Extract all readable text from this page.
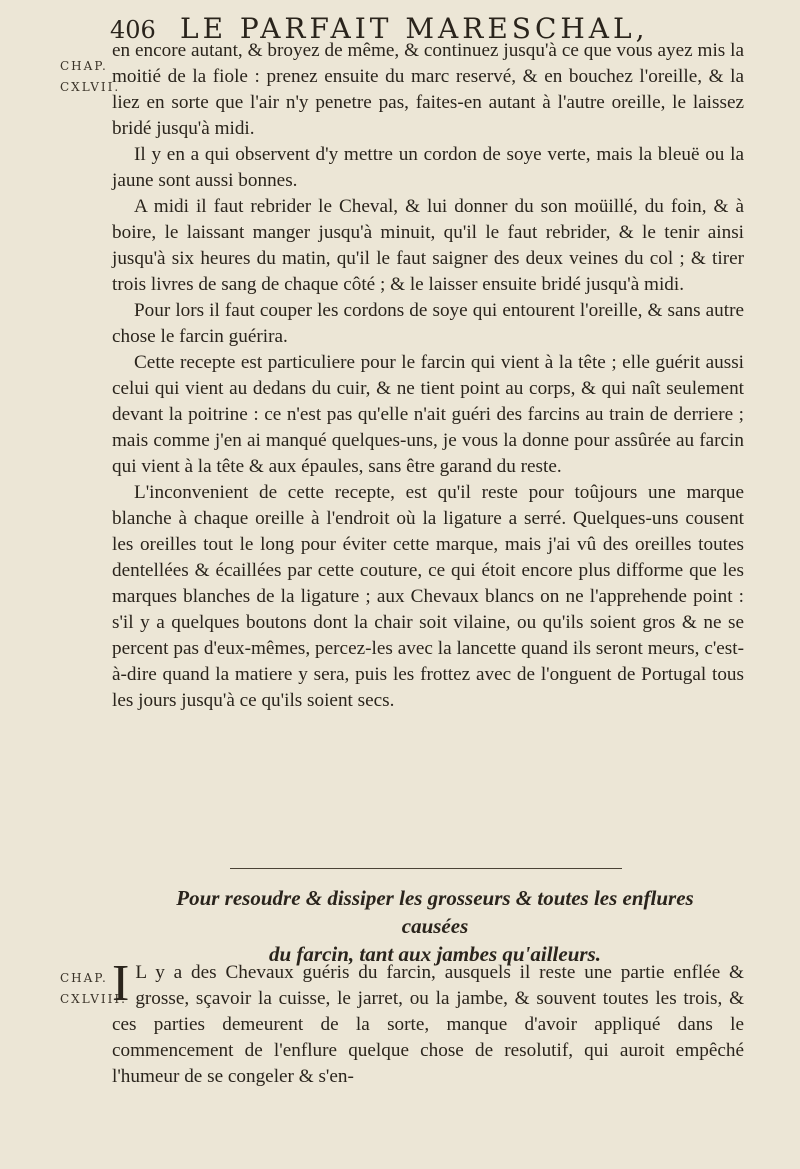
406 LE PARFAIT MARESCHAL,
CHAP.
CXLVII.

en encore autant, & broyez de même, & continuez jusqu'à ce que vous ayez mis la moitié de la fiole : prenez ensuite du marc reservé, & en bouchez l'oreille, & la liez en sorte que l'air n'y penetre pas, faites-en autant à l'autre oreille, le laissez bridé jusqu'à midi.

Il y en a qui observent d'y mettre un cordon de soye verte, mais la bleuë ou la jaune sont aussi bonnes.

A midi il faut rebrider le Cheval, & lui donner du son moüillé, du foin, & à boire, le laissant manger jusqu'à minuit, qu'il le faut rebrider, & le tenir ainsi jusqu'à six heures du matin, qu'il le faut saigner des deux veines du col ; & tirer trois livres de sang de chaque côté ; & le laisser ensuite bridé jusqu'à midi.

Pour lors il faut couper les cordons de soye qui entourent l'oreille, & sans autre chose le farcin guérira.

Cette recepte est particuliere pour le farcin qui vient à la tête ; elle guérit aussi celui qui vient au dedans du cuir, & ne tient point au corps, & qui naît seulement devant la poitrine : ce n'est pas qu'elle n'ait guéri des farcins au train de derriere ; mais comme j'en ai manqué quelques-uns, je vous la donne pour assûrée au farcin qui vient à la tête & aux épaules, sans être garand du reste.

L'inconvenient de cette recepte, est qu'il reste pour toûjours une marque blanche à chaque oreille à l'endroit où la ligature a serré. Quelques-uns cousent les oreilles tout le long pour éviter cette marque, mais j'ai vû des oreilles toutes dentellées & écaillées par cette couture, ce qui étoit encore plus difforme que les marques blanches de la ligature ; aux Chevaux blancs on ne l'apprehende point : s'il y a quelques boutons dont la chair soit vilaine, ou qu'ils soient gros & ne se percent pas d'eux-mêmes, percez-les avec la lancette quand ils seront meurs, c'est-à-dire quand la matiere y sera, puis les frottez avec de l'onguent de Portugal tous les jours jusqu'à ce qu'ils soient secs.

Pour resoudre & dissiper les grosseurs & toutes les enflures causées
du farcin, tant aux jambes qu'ailleurs.
CHAP.
CXLVIII.

I L y a des Chevaux guéris du farcin, ausquels il reste une partie enflée & grosse, sçavoir la cuisse, le jarret, ou la jambe, & souvent toutes les trois, & ces parties demeurent de la sorte, manque d'avoir appliqué dans le commencement de l'enflure quelque chose de resolutif, qui auroit empêché l'humeur de se congeler & s'en-
